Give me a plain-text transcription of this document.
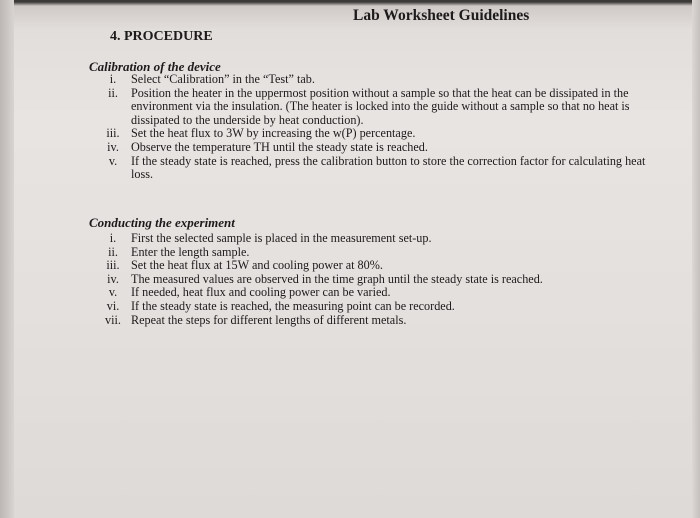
Lab Worksheet Guidelines
4. PROCEDURE
Calibration of the device
i.	Select “Calibration” in the “Test” tab.
ii.	Position the heater in the uppermost position without a sample so that the heat can be dissipated in the environment via the insulation. (The heater is locked into the guide without a sample so that no heat is dissipated to the underside by heat conduction).
iii. Set the heat flux to 3W by increasing the w(P) percentage.
iv. Observe the temperature TH until the steady state is reached.
v.	If the steady state is reached, press the calibration button to store the correction factor for calculating heat loss.
Conducting the experiment
i.	First the selected sample is placed in the measurement set-up.
ii.	Enter the length sample.
iii. Set the heat flux at 15W and cooling power at 80%.
iv. The measured values are observed in the time graph until the steady state is reached.
v.	If needed, heat flux and cooling power can be varied.
vi. If the steady state is reached, the measuring point can be recorded.
vii. Repeat the steps for different lengths of different metals.
